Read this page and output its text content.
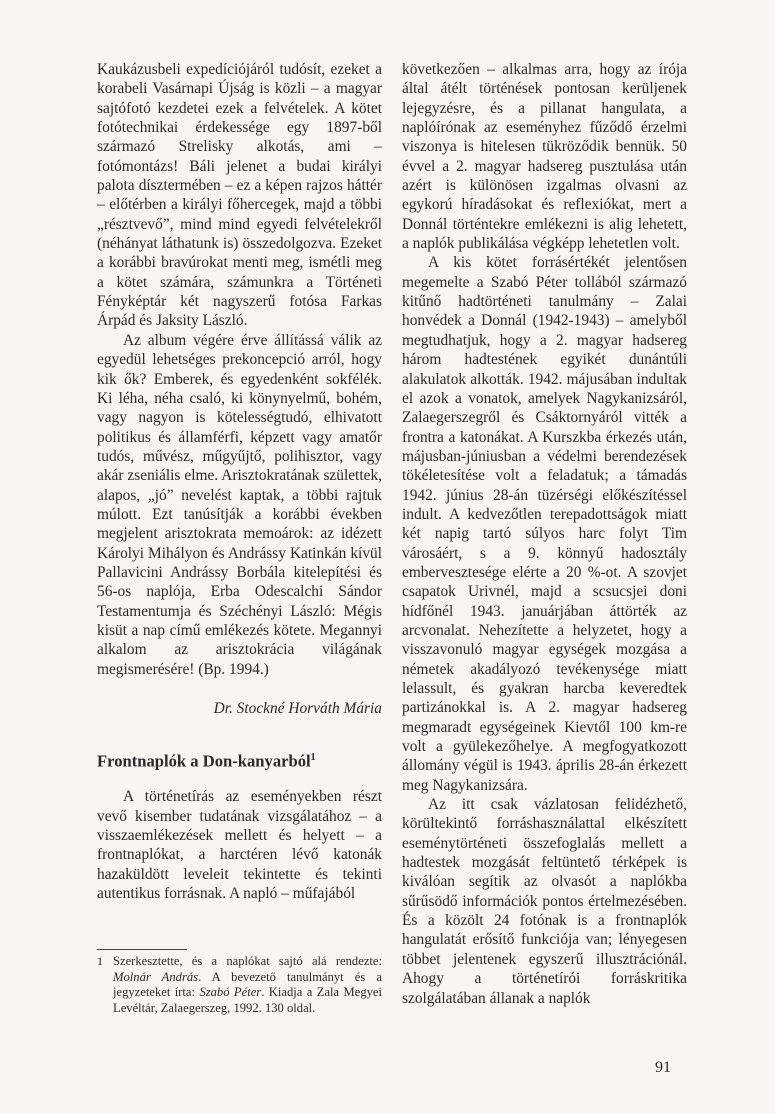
Kaukázusbeli expedíciójáról tudósít, ezeket a korabeli Vasárnapi Újság is közli – a magyar sajtófotó kezdetei ezek a felvételek. A kötet fotótechnikai érdekessége egy 1897-ből származó Strelisky alkotás, ami – fotómontázs! Báli jelenet a budai királyi palota dísztermében – ez a képen rajzos háttér – előtérben a királyi főhercegek, majd a többi „résztvevő”, mind mind egyedi felvételekről (néhányat láthatunk is) összedolgozva. Ezeket a korábbi bravúrokat menti meg, ismétli meg a kötet számára, számunkra a Történeti Fényképtár két nagyszerű fotósa Farkas Árpád és Jaksity László.

Az album végére érve állítássá válik az egyedül lehetséges prekoncepció arról, hogy kik ők? Emberek, és egyedenként sokfélék. Ki léha, néha csaló, ki könynyelmű, bohém, vagy nagyon is kötelességtudó, elhivatott politikus és államférfi, képzett vagy amatőr tudós, művész, műgyűjtő, polihisztor, vagy akár zseniális elme. Arisztokratának születtek, alapos, „jó” nevelést kaptak, a többi rajtuk múlott. Ezt tanúsítják a korábbi években megjelent arisztokrata memoárok: az idézett Károlyi Mihályon és Andrássy Katinkán kívül Pallavicini Andrássy Borbála kitelepítési és 56-os naplója, Erba Odescalchi Sándor Testamentumja és Széchényi László: Mégis kisüt a nap című emlékezés kötete. Megannyi alkalom az arisztokrácia világának megismerésére! (Bp. 1994.)

Dr. Stockné Horváth Mária

Frontnaplók a Don-kanyarból$^1$

A történetírás az eseményekben részt vevő kisember tudatának vizsgálatához – a visszaemlékezések mellett és helyett – a frontnaplókat, a harctéren lévő katonák hazaküldött leveleit tekintette és tekinti autentikus forrásnak. A napló – műfajából

1 Szerkesztette, és a naplókat sajtó alá rendezte: Molnár András. A bevezető tanulmányt és a jegyzeteket írta: Szabó Péter. Kiadja a Zala Megyei Levéltár, Zalaegerszeg, 1992. 130 oldal.

következően – alkalmas arra, hogy az írója által átélt történések pontosan kerüljenek lejegyzésre, és a pillanat hangulata, a naplóírónak az eseményhez fűződő érzelmi viszonya is hitelesen tükröződik bennük. 50 évvel a 2. magyar hadsereg pusztulása után azért is különösen izgalmas olvasni az egykorú híradásokat és reflexiókat, mert a Donnál történtekre emlékezni is alig lehetett, a naplók publikálása végképp lehetetlen volt.

A kis kötet forrásértékét jelentősen megemelte a Szabó Péter tollából származó kitűnő hadtörténeti tanulmány – Zalai honvédek a Donnál (1942-1943) – amelyből megtudhatjuk, hogy a 2. magyar hadsereg három hadtestének egyikét dunántúli alakulatok alkották. 1942. májusában indultak el azok a vonatok, amelyek Nagykanizsáról, Zalaegerszegről és Csáktornyáról vitték a frontra a katonákat. A Kurszkba érkezés után, májusban-júniusban a védelmi berendezések tökéletesítése volt a feladatuk; a támadás 1942. június 28-án tüzérségi előkészítéssel indult. A kedvezőtlen terepadottságok miatt két napig tartó súlyos harc folyt Tim városáért, s a 9. könnyű hadosztály embervesztesége elérte a 20 %-ot. A szovjet csapatok Urivnél, majd a scsucsjei doni hídfőnél 1943. januárjában áttörték az arcvonalat. Nehezítette a helyzetet, hogy a visszavonuló magyar egységek mozgása a németek akadályozó tevékenysége miatt lelassult, és gyakran harcba keveredtek partizánokkal is. A 2. magyar hadsereg megmaradt egységeinek Kievtől 100 km-re volt a gyülekezőhelye. A megfogyatkozott állomány végül is 1943. április 28-án érkezett meg Nagykanizsára.

Az itt csak vázlatosan felidézhető, körültekintő forráshasználattal elkészített eseménytörténeti összefoglalás mellett a hadtestek mozgását feltüntető térképek is kiválóan segítik az olvasót a naplókba sűrűsödő információk pontos értelmezésében. És a közölt 24 fotónak is a frontnaplók hangulatát erősítő funkciója van; lényegesen többet jelentenek egyszerű illusztrációnál. Ahogy a történetírói forráskritika szolgálatában állanak a naplók

91
